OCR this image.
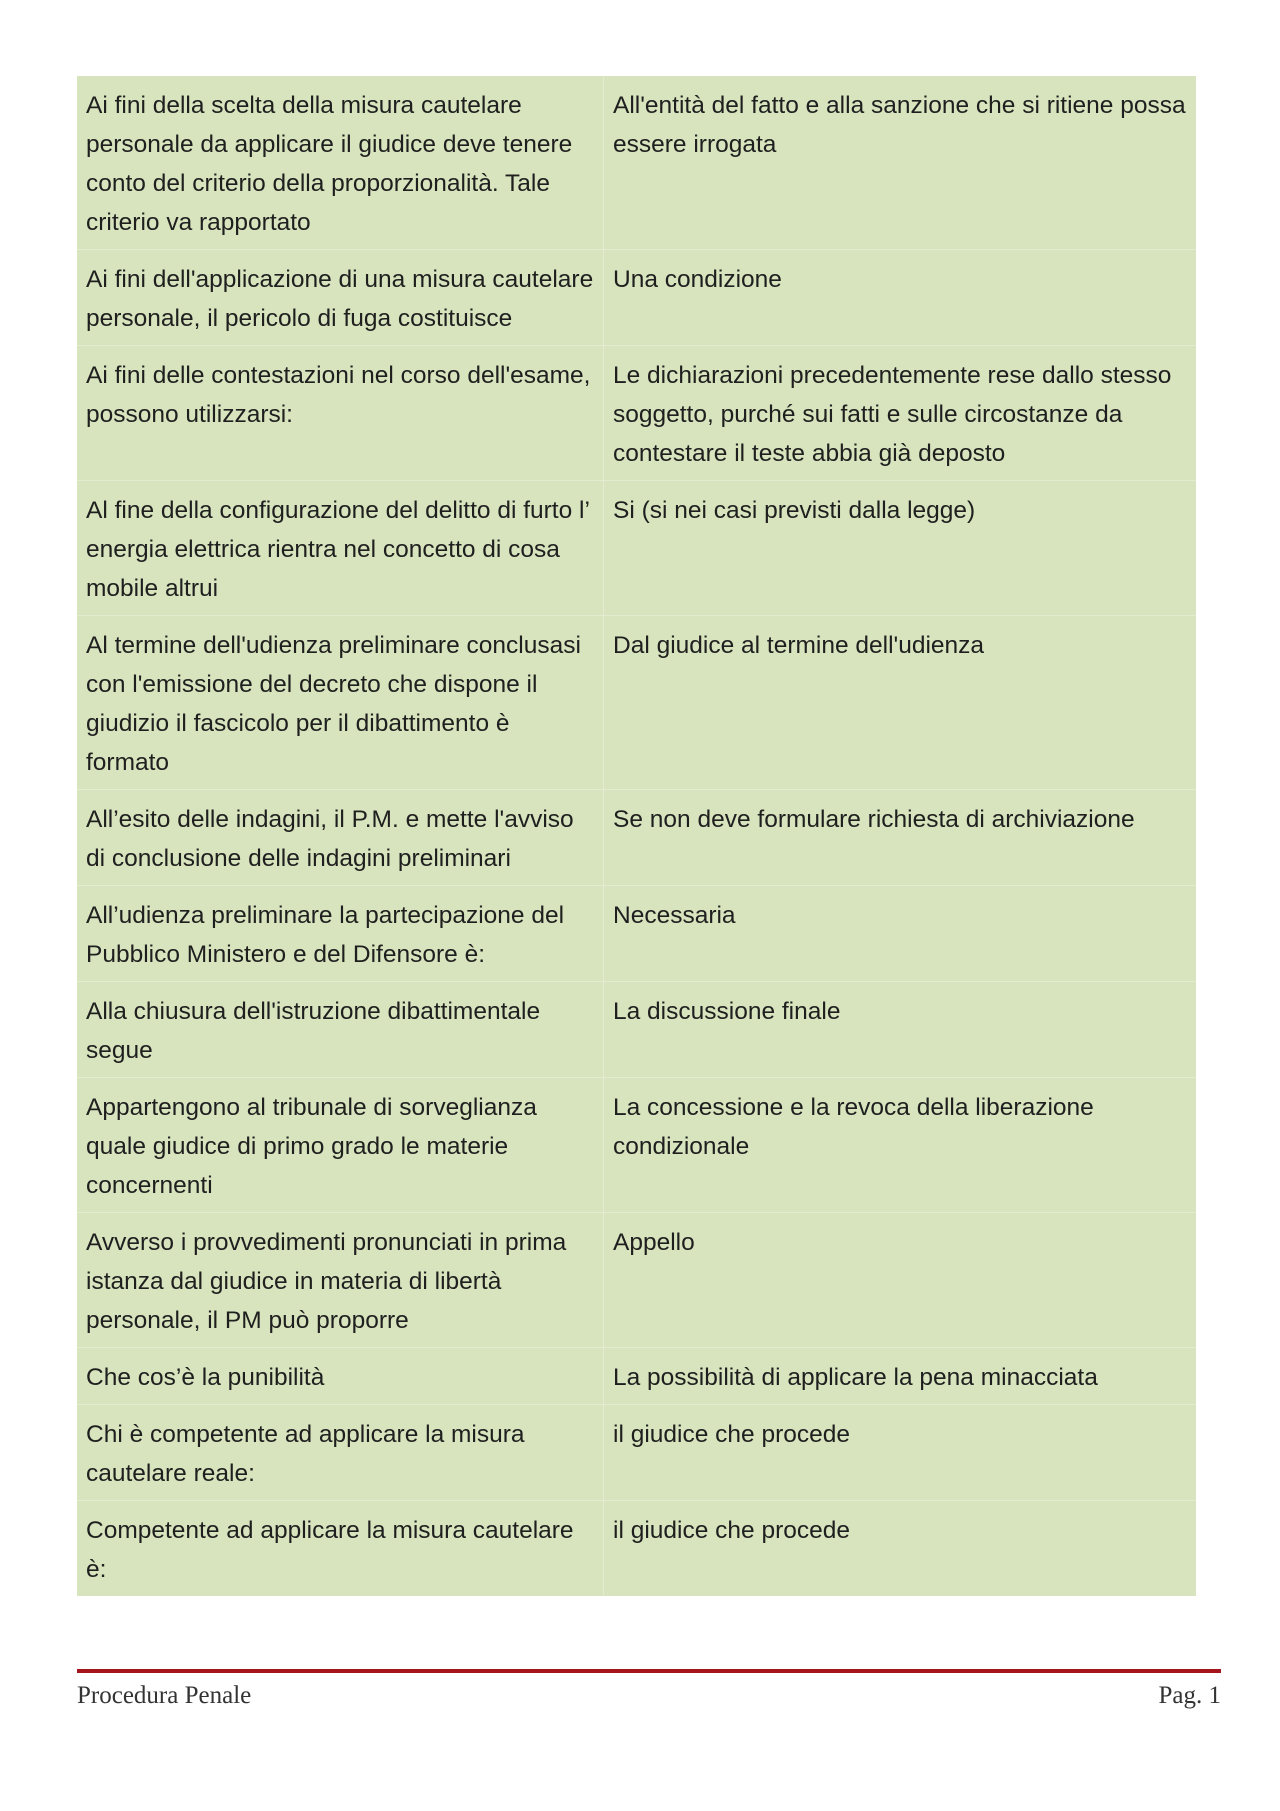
Ai fini della scelta della misura cautelare personale da applicare il giudice deve tenere conto del criterio della proporzionalità. Tale criterio va rapportato	All'entità del fatto e alla sanzione che si ritiene possa essere irrogata
Ai fini dell'applicazione di una misura cautelare personale, il pericolo di fuga costituisce	Una condizione
Ai fini delle contestazioni nel corso dell'esame, possono utilizzarsi:	Le dichiarazioni precedentemente rese dallo stesso soggetto, purché sui fatti e sulle circostanze da contestare il teste abbia già deposto
Al fine della configurazione del delitto di furto l’ energia elettrica rientra nel concetto di cosa mobile altrui	Si (si nei casi previsti dalla legge)
Al termine dell'udienza preliminare conclusasi con l'emissione del decreto che dispone il giudizio il fascicolo per il dibattimento è formato	Dal giudice al termine dell'udienza
All’esito delle indagini, il P.M. e mette l'avviso di conclusione delle indagini preliminari	Se non deve formulare richiesta di archiviazione
All’udienza preliminare la partecipazione del Pubblico Ministero e del Difensore è:	Necessaria
Alla chiusura dell'istruzione dibattimentale segue	La discussione finale
Appartengono al tribunale di sorveglianza quale giudice di primo grado le materie concernenti	La concessione e la revoca della liberazione condizionale
Avverso i provvedimenti pronunciati in prima istanza dal giudice in materia di libertà personale, il PM può proporre	Appello
Che cos’è la punibilità	La possibilità di applicare la pena minacciata
Chi è competente ad applicare la misura cautelare reale:	il giudice che procede
Competente ad applicare la misura cautelare è:	il giudice che procede
Procedura Penale	Pag. 1
